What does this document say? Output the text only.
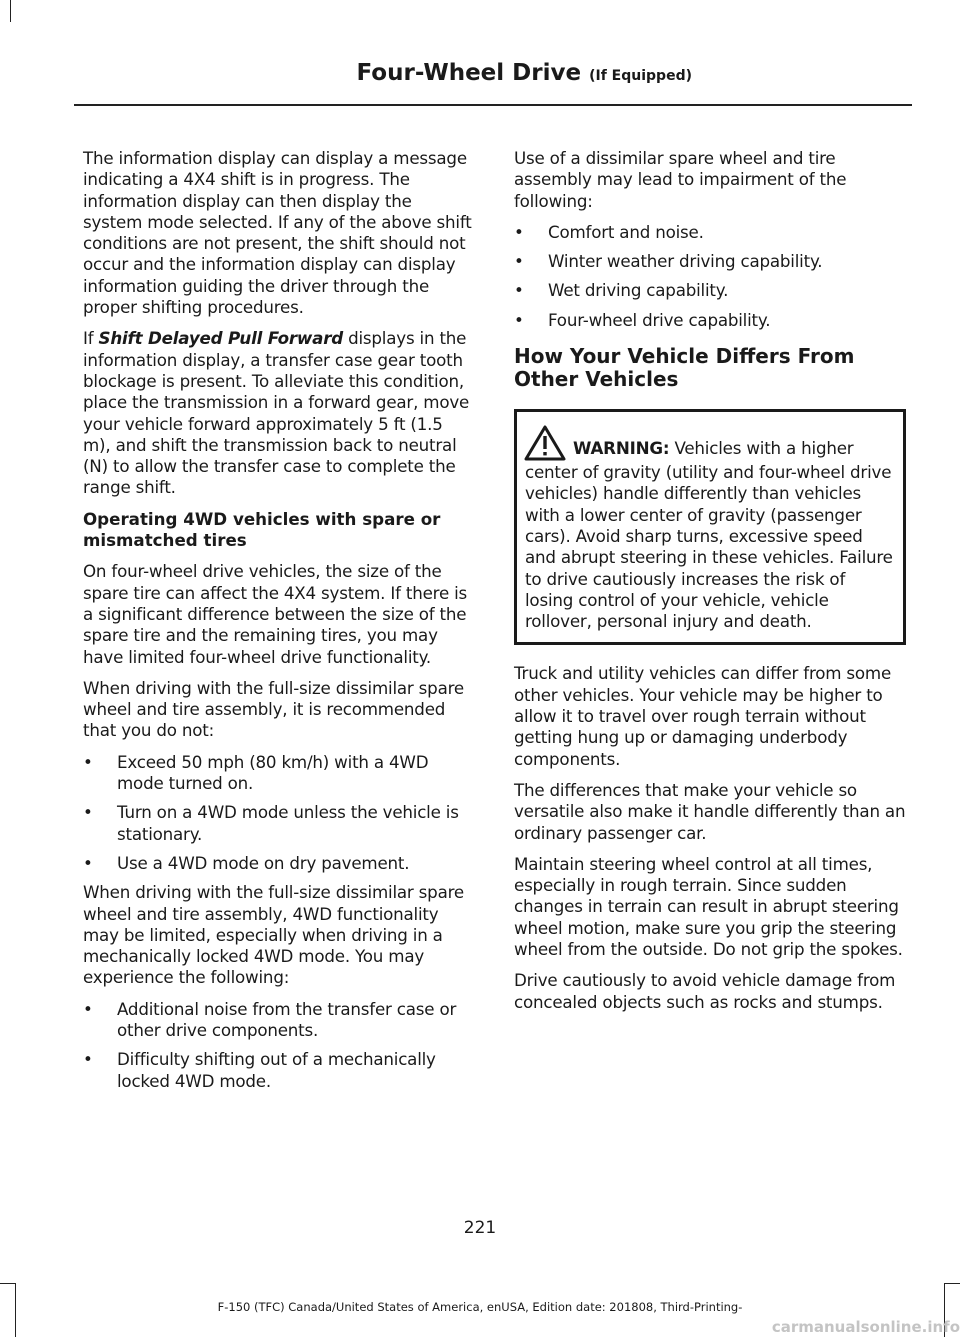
Four-Wheel Drive (If Equipped)

The information display can display a message indicating a 4X4 shift is in progress. The information display can then display the system mode selected. If any of the above shift conditions are not present, the shift should not occur and the information display can display information guiding the driver through the proper shifting procedures.

If Shift Delayed Pull Forward displays in the information display, a transfer case gear tooth blockage is present. To alleviate this condition, place the transmission in a forward gear, move your vehicle forward approximately 5 ft (1.5 m), and shift the transmission back to neutral (N) to allow the transfer case to complete the range shift.

Operating 4WD vehicles with spare or mismatched tires

On four-wheel drive vehicles, the size of the spare tire can affect the 4X4 system. If there is a significant difference between the size of the spare tire and the remaining tires, you may have limited four-wheel drive functionality.

When driving with the full-size dissimilar spare wheel and tire assembly, it is recommended that you do not:

• Exceed 50 mph (80 km/h) with a 4WD mode turned on.
• Turn on a 4WD mode unless the vehicle is stationary.
• Use a 4WD mode on dry pavement.

When driving with the full-size dissimilar spare wheel and tire assembly, 4WD functionality may be limited, especially when driving in a mechanically locked 4WD mode. You may experience the following:

• Additional noise from the transfer case or other drive components.
• Difficulty shifting out of a mechanically locked 4WD mode.

Use of a dissimilar spare wheel and tire assembly may lead to impairment of the following:

• Comfort and noise.
• Winter weather driving capability.
• Wet driving capability.
• Four-wheel drive capability.
How Your Vehicle Differs From Other Vehicles
WARNING: Vehicles with a higher center of gravity (utility and four-wheel drive vehicles) handle differently than vehicles with a lower center of gravity (passenger cars). Avoid sharp turns, excessive speed and abrupt steering in these vehicles. Failure to drive cautiously increases the risk of losing control of your vehicle, vehicle rollover, personal injury and death.

Truck and utility vehicles can differ from some other vehicles. Your vehicle may be higher to allow it to travel over rough terrain without getting hung up or damaging underbody components.

The differences that make your vehicle so versatile also make it handle differently than an ordinary passenger car.

Maintain steering wheel control at all times, especially in rough terrain. Since sudden changes in terrain can result in abrupt steering wheel motion, make sure you grip the steering wheel from the outside. Do not grip the spokes.

Drive cautiously to avoid vehicle damage from concealed objects such as rocks and stumps.

221
F-150 (TFC) Canada/United States of America, enUSA, Edition date: 201808, Third-Printing-
carmanualsonline.info
